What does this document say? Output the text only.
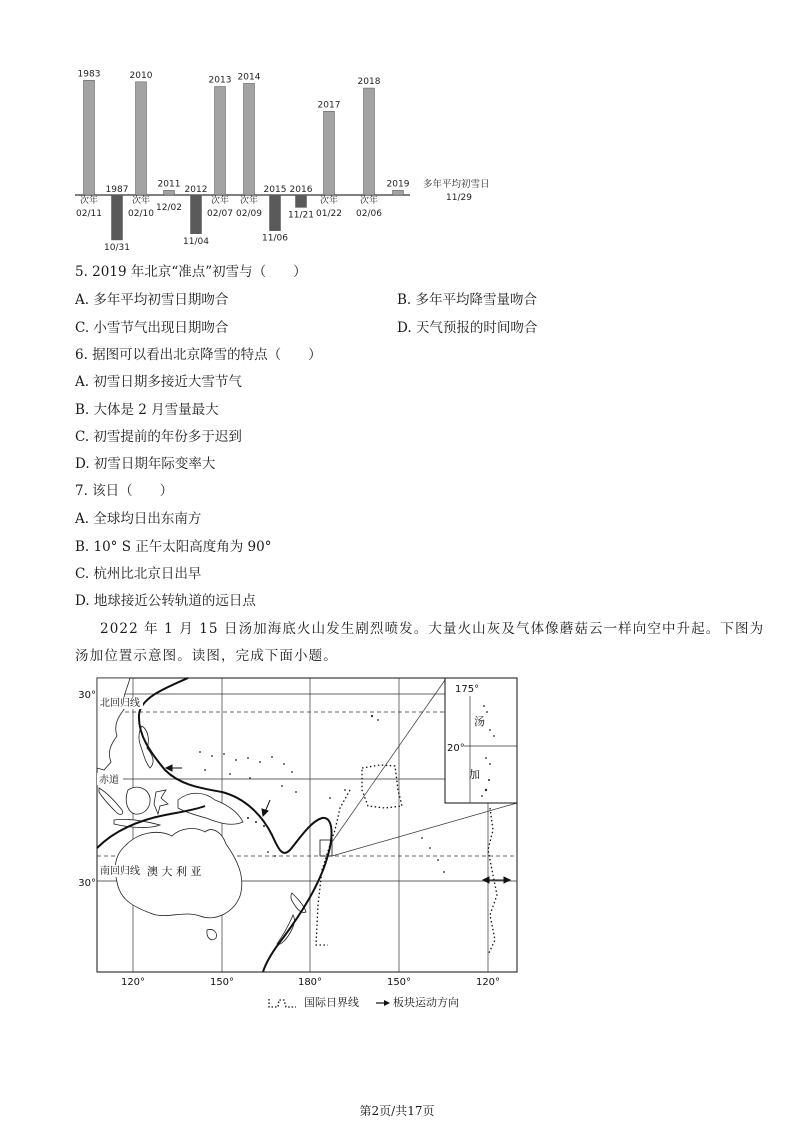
多年平均初雪日
11/29
1983
次年
02/11
1987
10/31
2010
次年
02/10
2011
12/02
2012
11/04
2013
次年
02/07
2014
次年
02/09
2015
11/06
2016
11/21
2017
次年
01/22
2018
次年
02/06
2019
5. 2019 年北京“准点”初雪与（　　）
A. 多年平均初雪日期吻合	B. 多年平均降雪量吻合
C. 小雪节气出现日期吻合	D. 天气预报的时间吻合
6. 据图可以看出北京降雪的特点（　　）
A. 初雪日期多接近大雪节气
B. 大体是 2 月雪量最大
C. 初雪提前的年份多于迟到
D. 初雪日期年际变率大
7. 该日（　　）
A. 全球均日出东南方
B. 10° S 正午太阳高度角为 90°
C. 杭州比北京日出早
D. 地球接近公转轨道的远日点
2022 年 1 月 15 日汤加海底火山发生剧烈喷发。大量火山灰及气体像蘑菇云一样向空中升起。下图为
汤加位置示意图。读图，完成下面小题。
175°
20°
汤
加
30°
30°
北回归线
赤道
南回归线 澳 大 利 亚
120°	150°	180°	150°	120°
国际日界线	板块运动方向
第2页/共17页
